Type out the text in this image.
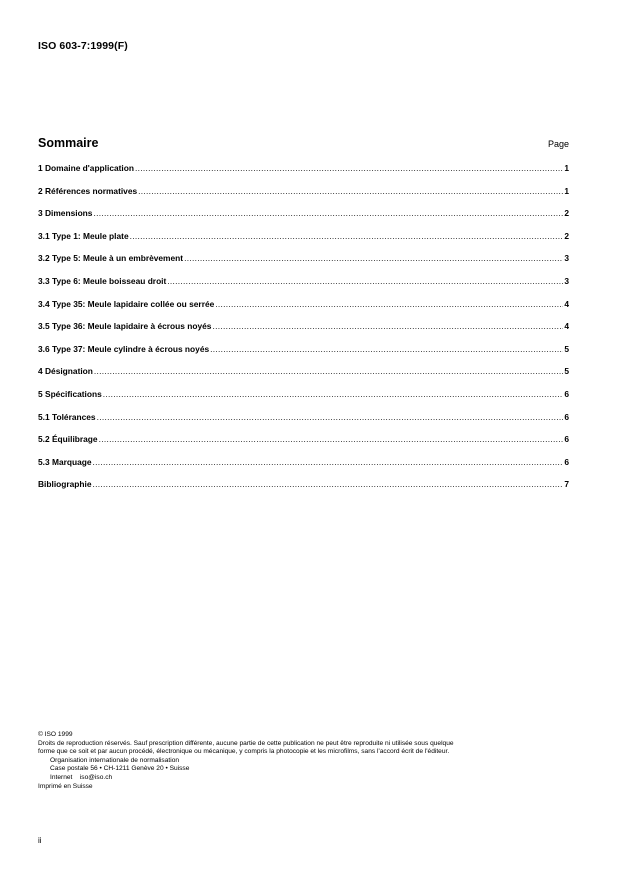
ISO 603-7:1999(F)
Sommaire	Page
1 Domaine d'application .....	1
2 Références normatives .....	1
3 Dimensions .....	2
3.1 Type 1: Meule plate .....	2
3.2 Type 5: Meule à un embrèvement .....	3
3.3 Type 6: Meule boisseau droit .....	3
3.4 Type 35: Meule lapidaire collée ou serrée .....	4
3.5 Type 36: Meule lapidaire à écrous noyés .....	4
3.6 Type 37: Meule cylindre à écrous noyés .....	5
4 Désignation .....	5
5 Spécifications .....	6
5.1 Tolérances .....	6
5.2 Équilibrage .....	6
5.3 Marquage .....	6
Bibliographie .....	7
© ISO 1999
Droits de reproduction réservés. Sauf prescription différente, aucune partie de cette publication ne peut être reproduite ni utilisée sous quelque
forme que ce soit et par aucun procédé, électronique ou mécanique, y compris la photocopie et les microfilms, sans l'accord écrit de l'éditeur.
Organisation internationale de normalisation
Case postale 56 • CH-1211 Genève 20 • Suisse
Internet iso@iso.ch
Imprimé en Suisse
ii
